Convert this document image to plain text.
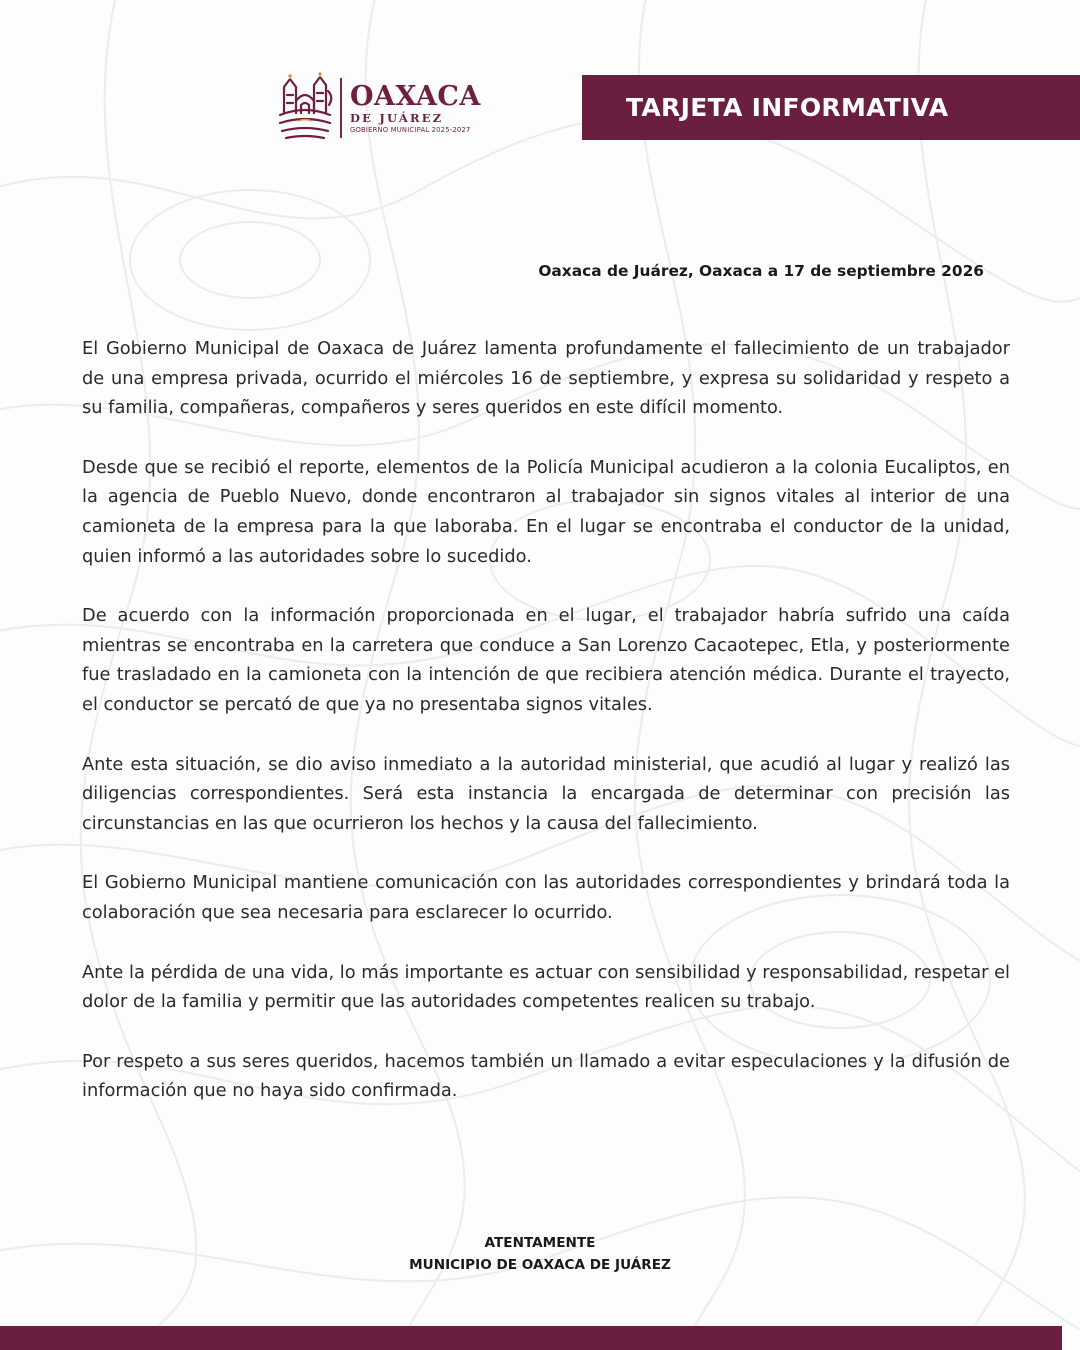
OAXACA
DE JUÁREZ
GOBIERNO MUNICIPAL 2025-2027
TARJETA INFORMATIVA
Oaxaca de Juárez, Oaxaca a 17 de septiembre 2026

El Gobierno Municipal de Oaxaca de Juárez lamenta profundamente el fallecimiento de un trabajador de una empresa privada, ocurrido el miércoles 16 de septiembre, y expresa su solidaridad y respeto a su familia, compañeras, compañeros y seres queridos en este difícil momento.

Desde que se recibió el reporte, elementos de la Policía Municipal acudieron a la colonia Eucaliptos, en la agencia de Pueblo Nuevo, donde encontraron al trabajador sin signos vitales al interior de una camioneta de la empresa para la que laboraba. En el lugar se encontraba el conductor de la unidad, quien informó a las autoridades sobre lo sucedido.

De acuerdo con la información proporcionada en el lugar, el trabajador habría sufrido una caída mientras se encontraba en la carretera que conduce a San Lorenzo Cacaotepec, Etla, y posteriormente fue trasladado en la camioneta con la intención de que recibiera atención médica. Durante el trayecto, el conductor se percató de que ya no presentaba signos vitales.

Ante esta situación, se dio aviso inmediato a la autoridad ministerial, que acudió al lugar y realizó las diligencias correspondientes. Será esta instancia la encargada de determinar con precisión las circunstancias en las que ocurrieron los hechos y la causa del fallecimiento.

El Gobierno Municipal mantiene comunicación con las autoridades correspondientes y brindará toda la colaboración que sea necesaria para esclarecer lo ocurrido.

Ante la pérdida de una vida, lo más importante es actuar con sensibilidad y responsabilidad, respetar el dolor de la familia y permitir que las autoridades competentes realicen su trabajo.

Por respeto a sus seres queridos, hacemos también un llamado a evitar especulaciones y la difusión de información que no haya sido confirmada.

ATENTAMENTE
MUNICIPIO DE OAXACA DE JUÁREZ
